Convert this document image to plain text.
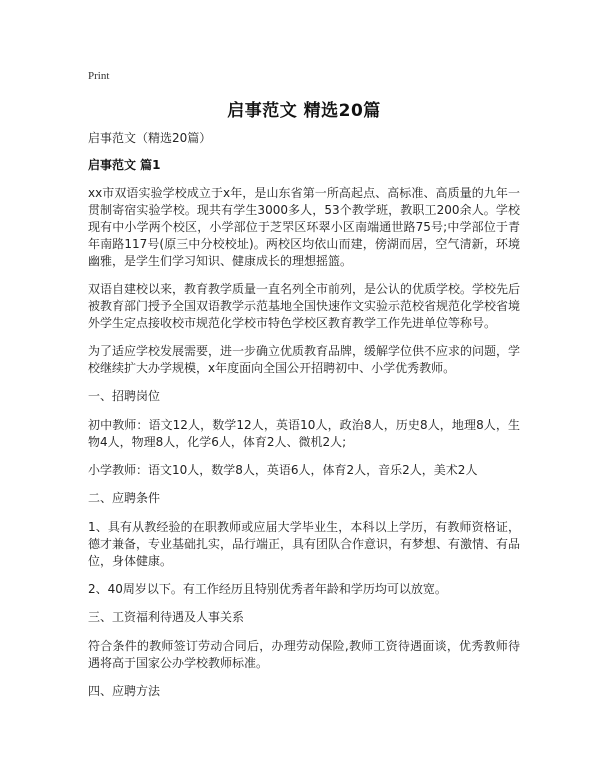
Print
启事范文 精选20篇
启事范文（精选20篇）
启事范文 篇1
xx市双语实验学校成立于x年，是山东省第一所高起点、高标准、高质量的九年一贯制寄宿实验学校。现共有学生3000多人，53个教学班，教职工200余人。学校现有中小学两个校区，小学部位于芝罘区环翠小区南端通世路75号;中学部位于青年南路117号(原三中分校校址)。两校区均依山而建，傍湖而居，空气清新，环境幽雅，是学生们学习知识、健康成长的理想摇篮。
双语自建校以来，教育教学质量一直名列全市前列，是公认的优质学校。学校先后被教育部门授予全国双语教学示范基地全国快速作文实验示范校省规范化学校省境外学生定点接收校市规范化学校市特色学校区教育教学工作先进单位等称号。
为了适应学校发展需要，进一步确立优质教育品牌，缓解学位供不应求的问题，学校继续扩大办学规模，x年度面向全国公开招聘初中、小学优秀教师。
一、招聘岗位
初中教师：语文12人，数学12人，英语10人，政治8人，历史8人，地理8人，生物4人，物理8人，化学6人，体育2人、微机2人;
小学教师：语文10人，数学8人，英语6人，体育2人，音乐2人，美术2人
二、应聘条件
1、具有从教经验的在职教师或应届大学毕业生，本科以上学历，有教师资格证，德才兼备，专业基础扎实，品行端正，具有团队合作意识，有梦想、有激情、有品位，身体健康。
2、40周岁以下。有工作经历且特别优秀者年龄和学历均可以放宽。
三、工资福利待遇及人事关系
符合条件的教师签订劳动合同后，办理劳动保险,教师工资待遇面谈，优秀教师待遇将高于国家公办学校教师标准。
四、应聘方法
